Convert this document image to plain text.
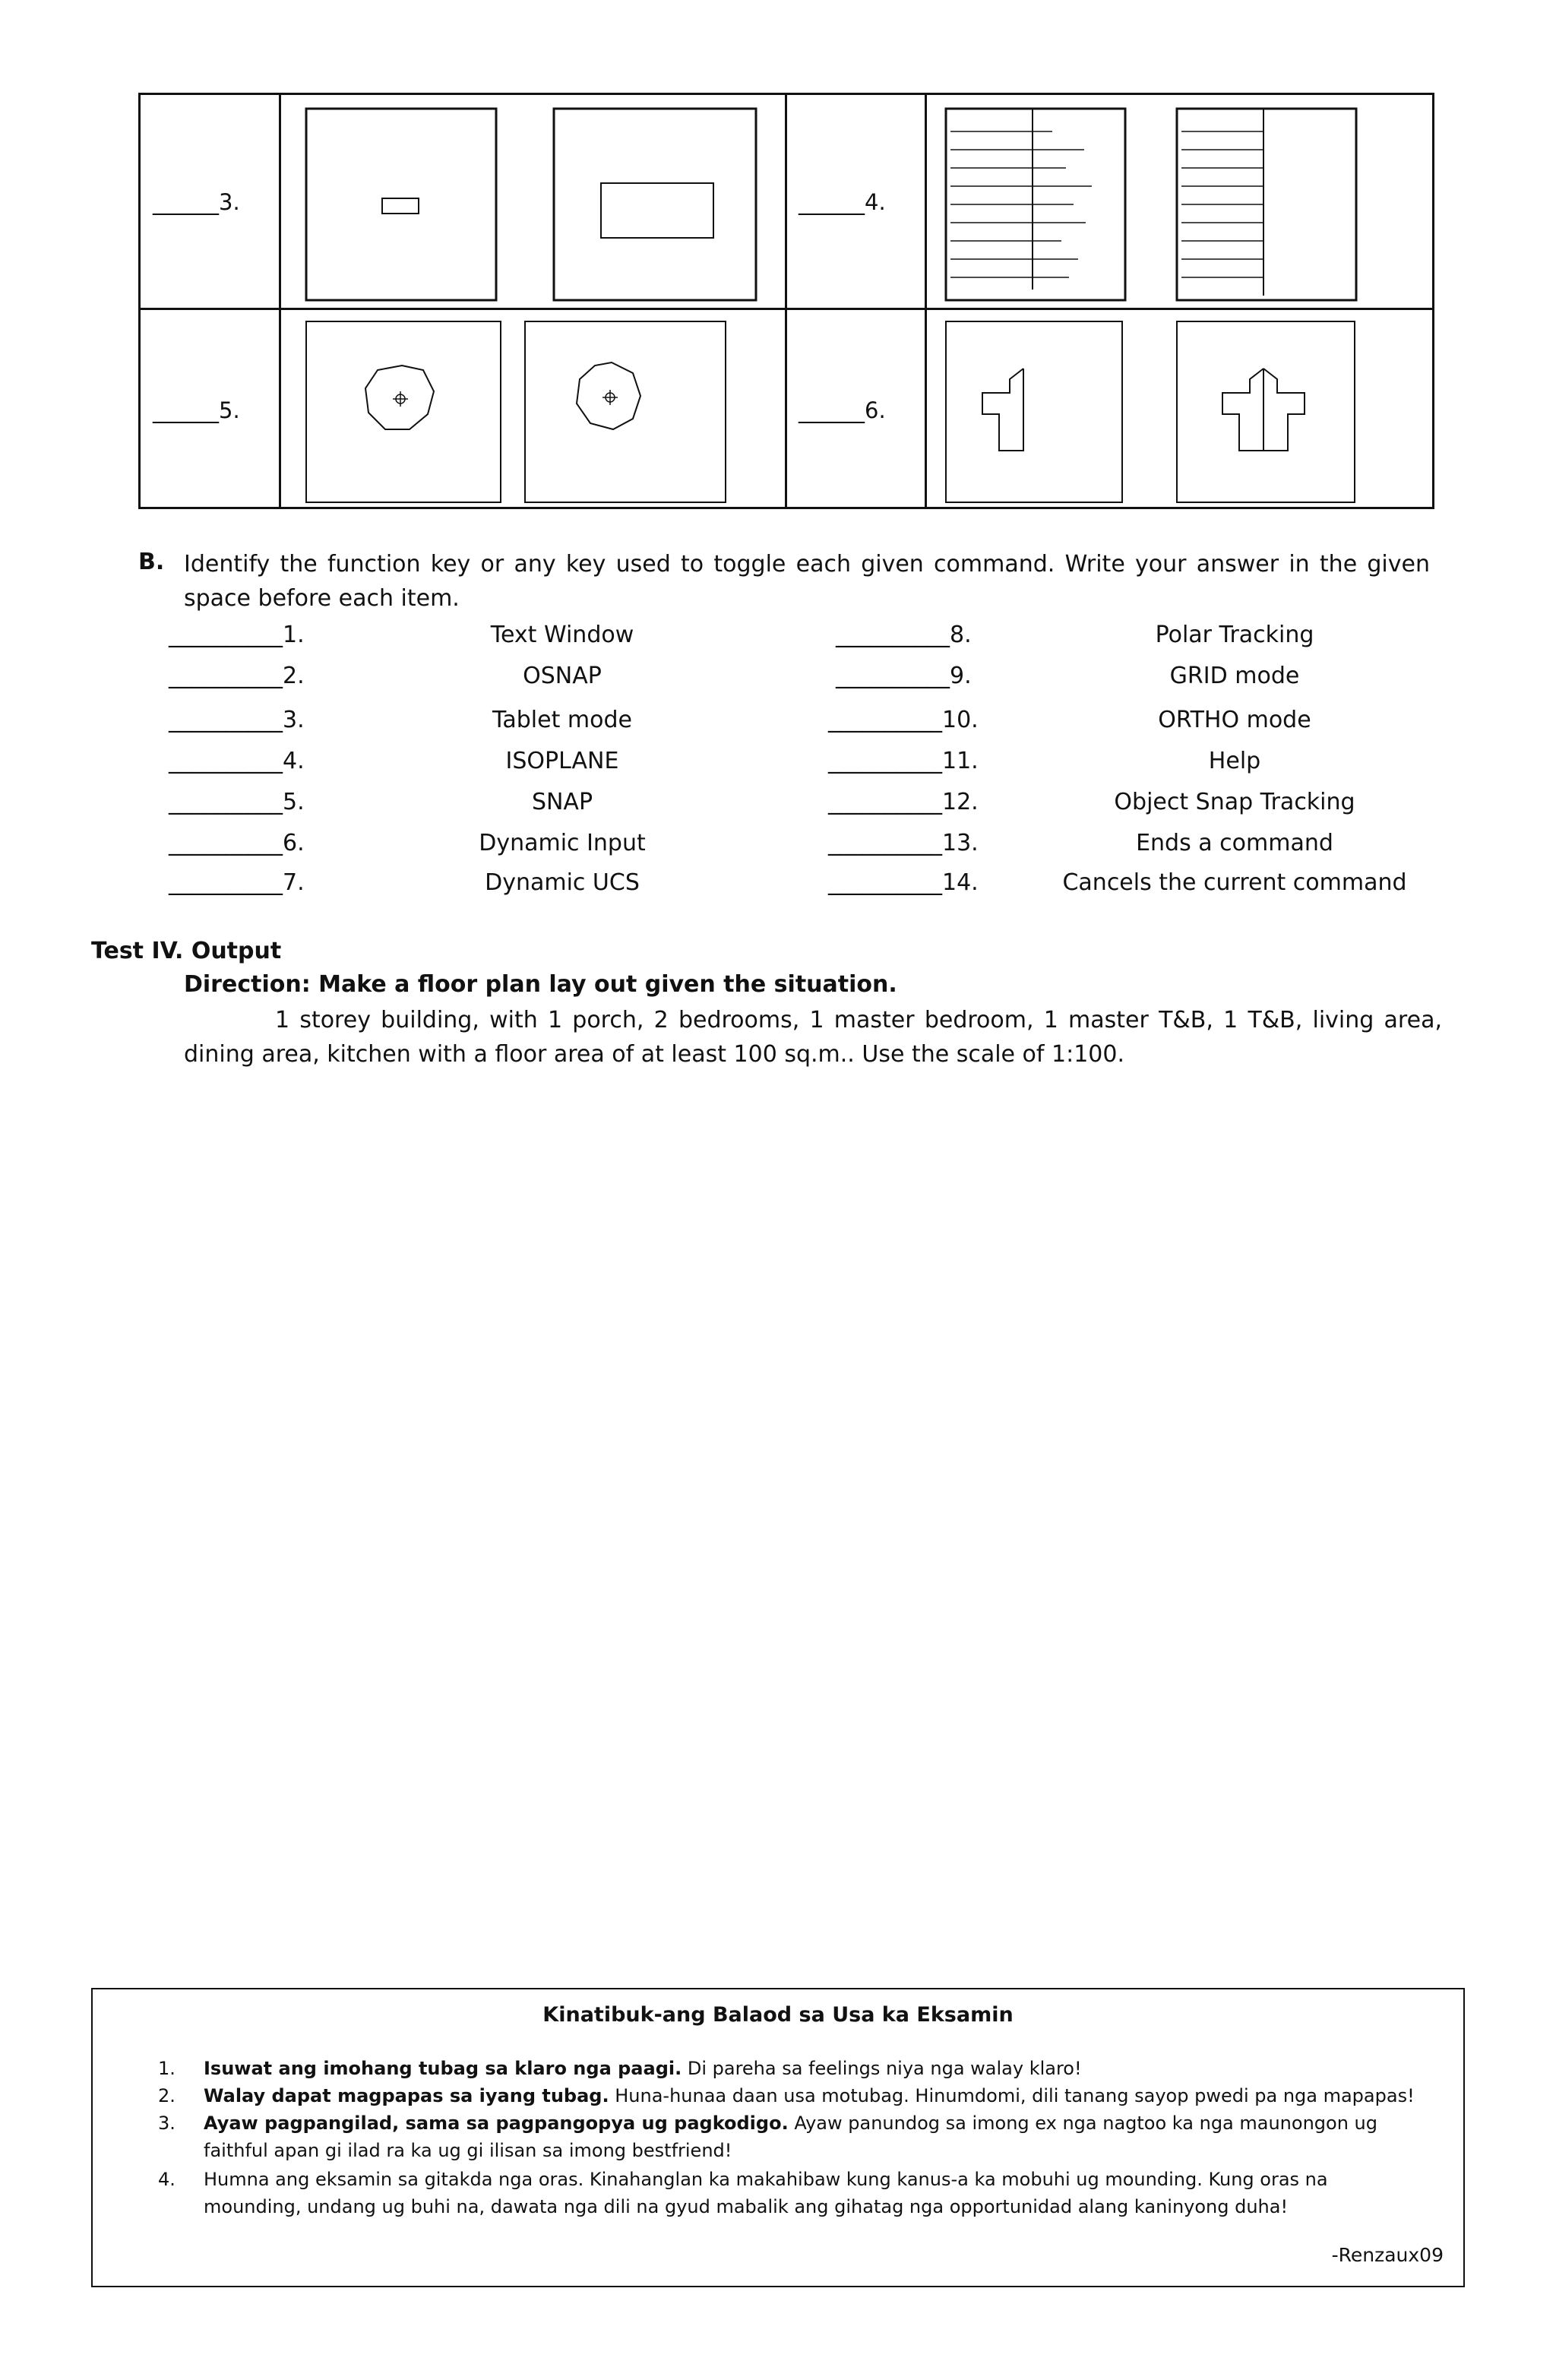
______3.	______4.
______5.	______6.
B. Identify the function key or any key used to toggle each given command. Write your answer in the given space before each item.
__________1.	Text Window
__________2.	OSNAP
__________3.	Tablet mode
__________4.	ISOPLANE
__________5.	SNAP
__________6.	Dynamic Input
__________7.	Dynamic UCS
__________8.	Polar Tracking
__________9.	GRID mode
__________10.	ORTHO mode
__________11.	Help
__________12.	Object Snap Tracking
__________13.	Ends a command
__________14.	Cancels the current command
Test IV. Output
Direction: Make a floor plan lay out given the situation.
1 storey building, with 1 porch, 2 bedrooms, 1 master bedroom, 1 master T&B, 1 T&B, living area, dining area, kitchen with a floor area of at least 100 sq.m.. Use the scale of 1:100.
Kinatibuk-ang Balaod sa Usa ka Eksamin
1. Isuwat ang imohang tubag sa klaro nga paagi. Di pareha sa feelings niya nga walay klaro!
2. Walay dapat magpapas sa iyang tubag. Huna-hunaa daan usa motubag. Hinumdomi, dili tanang sayop pwedi pa nga mapapas!
3. Ayaw pagpangilad, sama sa pagpangopya ug pagkodigo. Ayaw panundog sa imong ex nga nagtoo ka nga maunongon ug faithful apan gi ilad ra ka ug gi ilisan sa imong bestfriend!
4. Humna ang eksamin sa gitakda nga oras. Kinahanglan ka makahibaw kung kanus-a ka mobuhi ug mounding. Kung oras na mounding, undang ug buhi na, dawata nga dili na gyud mabalik ang gihatag nga opportunidad alang kaninyong duha!
-Renzaux09
